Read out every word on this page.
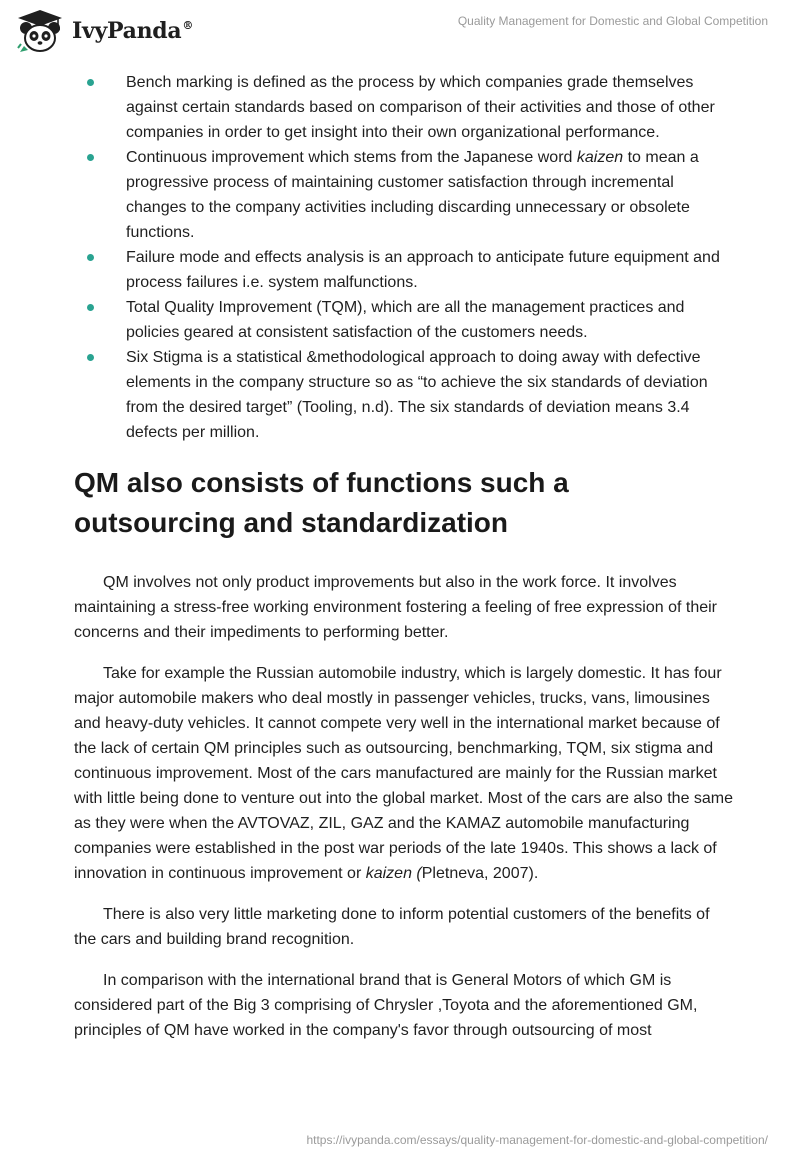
IvyPanda®	Quality Management for Domestic and Global Competition
Bench marking is defined as the process by which companies grade themselves against certain standards based on comparison of their activities and those of other companies in order to get insight into their own organizational performance.
Continuous improvement which stems from the Japanese word kaizen to mean a progressive process of maintaining customer satisfaction through incremental changes to the company activities including discarding unnecessary or obsolete functions.
Failure mode and effects analysis is an approach to anticipate future equipment and process failures i.e. system malfunctions.
Total Quality Improvement (TQM), which are all the management practices and policies geared at consistent satisfaction of the customers needs.
Six Stigma is a statistical &methodological approach to doing away with defective elements in the company structure so as “to achieve the six standards of deviation from the desired target” (Tooling, n.d). The six standards of deviation means 3.4 defects per million.
QM also consists of functions such a outsourcing and standardization

QM involves not only product improvements but also in the work force. It involves maintaining a stress-free working environment fostering a feeling of free expression of their concerns and their impediments to performing better.

Take for example the Russian automobile industry, which is largely domestic. It has four major automobile makers who deal mostly in passenger vehicles, trucks, vans, limousines and heavy-duty vehicles. It cannot compete very well in the international market because of the lack of certain QM principles such as outsourcing, benchmarking, TQM, six stigma and continuous improvement. Most of the cars manufactured are mainly for the Russian market with little being done to venture out into the global market. Most of the cars are also the same as they were when the AVTOVAZ, ZIL, GAZ and the KAMAZ automobile manufacturing companies were established in the post war periods of the late 1940s. This shows a lack of innovation in continuous improvement or kaizen (Pletneva, 2007).

There is also very little marketing done to inform potential customers of the benefits of the cars and building brand recognition.

In comparison with the international brand that is General Motors of which GM is considered part of the Big 3 comprising of Chrysler ,Toyota and the aforementioned GM, principles of QM have worked in the company's favor through outsourcing of most

https://ivypanda.com/essays/quality-management-for-domestic-and-global-competition/
